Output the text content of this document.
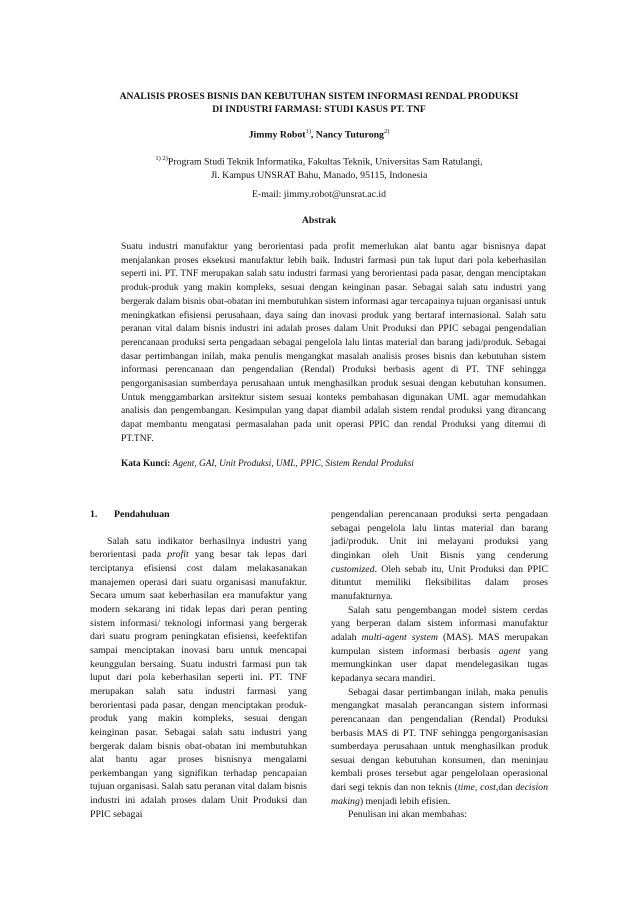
ANALISIS PROSES BISNIS DAN KEBUTUHAN SISTEM INFORMASI RENDAL PRODUKSI
DI INDUSTRI FARMASI: STUDI KASUS PT. TNF
Jimmy Robot$^{1)}$, Nancy Tuturong$^{2)}$
$^{1) 2)}$Program Studi Teknik Informatika, Fakultas Teknik, Universitas Sam Ratulangi,
Jl. Kampus UNSRAT Bahu, Manado, 95115, Indonesia
E-mail: jimmy.robot@unsrat.ac.id
Abstrak
Suatu industri manufaktur yang berorientasi pada profit memerlukan alat bantu agar bisnisnya dapat menjalankan proses eksekusi manufaktur lebih baik. Industri farmasi pun tak luput dari pola keberhasilan seperti ini. PT. TNF merupakan salah satu industri farmasi yang berorientasi pada pasar, dengan menciptakan produk-produk yang makin kompleks, sesuai dengan keinginan pasar. Sebagai salah satu industri yang bergerak dalam bisnis obat-obatan ini membutuhkan sistem informasi agar tercapainya tujuan organisasi untuk meningkatkan efisiensi perusahaan, daya saing dan inovasi produk yang bertaraf internasional. Salah satu peranan vital dalam bisnis industri ini adalah proses dalam Unit Produksi dan PPIC sebagai pengendalian perencanaan produksi serta pengadaan sebagai pengelola lalu lintas material dan barang jadi/produk. Sebagai dasar pertimbangan inilah, maka penulis mengangkat masalah analisis proses bisnis dan kebutuhan sistem informasi perencanaan dan pengendalian (Rendal) Produksi berbasis agent di PT. TNF sehingga pengorganisasian sumberdaya perusahaan untuk menghasilkan produk sesuai dengan kebutuhan konsumen. Untuk menggambarkan arsitektur sistem sesuai konteks pembahasan digunakan UML agar memudahkan analisis dan pengembangan. Kesimpulan yang dapat diambil adalah sistem rendal produksi yang dirancang dapat membantu mengatasi permasalahan pada unit operasi PPIC dan rendal Produksi yang ditemui di PT.TNF.
Kata Kunci: Agent, GAI, Unit Produksi, UML, PPIC, Sistem Rendal Produksi
1. Pendahuluan

Salah satu indikator berhasilnya industri yang berorientasi pada profit yang besar tak lepas dari terciptanya efisiensi cost dalam melakasanakan manajemen operasi dari suatu organisasi manufaktur. Secara umum saat keberhasilan era manufaktur yang modern sekarang ini tidak lepas dari peran penting sistem informasi/ teknologi informasi yang bergerak dari suatu program peningkatan efisiensi, keefektifan sampai menciptakan inovasi baru untuk mencapai keunggulan bersaing. Suatu industri farmasi pun tak luput dari pola keberhasilan seperti ini. PT. TNF merupakan salah satu industri farmasi yang berorientasi pada pasar, dengan menciptakan produk-produk yang makin kompleks, sesuai dengan keinginan pasar. Sebagai salah satu industri yang bergerak dalam bisnis obat-obatan ini membutuhkan alat bantu agar proses bisnisnya mengalami perkembangan yang signifikan terhadap pencapaian tujuan organisasi. Salah satu peranan vital dalam bisnis industri ini adalah proses dalam Unit Produksi dan PPIC sebagai

pengendalian perencanaan produksi serta pengadaan sebagai pengelola lalu lintas material dan barang jadi/produk. Unit ini melayani produksi yang dinginkan oleh Unit Bisnis yang cenderung customized. Oleh sebab itu, Unit Produksi dan PPIC dituntut memiliki fleksibilitas dalam proses manufakturnya.

Salah satu pengembangan model sistem cerdas yang berperan dalam sistem informasi manufaktur adalah multi-agent system (MAS). MAS merupakan kumpulan sistem informasi berbasis agent yang memungkinkan user dapat mendelegasikan tugas kepadanya secara mandiri.

Sebagai dasar pertimbangan inilah, maka penulis mengangkat masalah perancangan sistem informasi perencanaan dan pengendalian (Rendal) Produksi berbasis MAS di PT. TNF sehingga pengorganisasian sumberdaya perusahaan untuk menghasilkan produk sesuai dengan kebutuhan konsumen, dan meninjau kembali proses tersebut agar pengelolaan operasional dari segi teknis dan non teknis (time, cost,dan decision making) menjadi lebih efisien.

Penulisan ini akan membahas:
